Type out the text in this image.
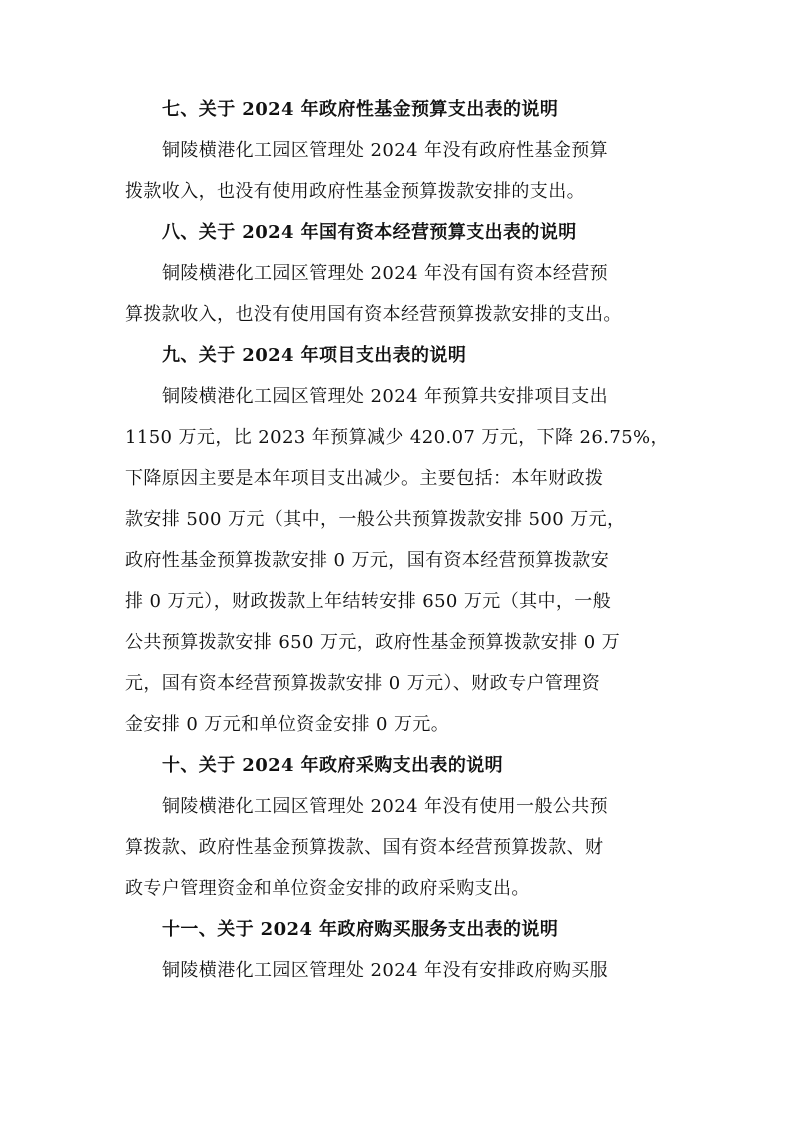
七、关于 2024 年政府性基金预算支出表的说明
铜陵横港化工园区管理处 2024 年没有政府性基金预算
拨款收入，也没有使用政府性基金预算拨款安排的支出。
八、关于 2024 年国有资本经营预算支出表的说明
铜陵横港化工园区管理处 2024 年没有国有资本经营预
算拨款收入，也没有使用国有资本经营预算拨款安排的支出。
九、关于 2024 年项目支出表的说明
铜陵横港化工园区管理处 2024 年预算共安排项目支出
1150 万元，比 2023 年预算减少 420.07 万元，下降 26.75%，
下降原因主要是本年项目支出减少。主要包括：本年财政拨
款安排 500 万元（其中，一般公共预算拨款安排 500 万元，
政府性基金预算拨款安排 0 万元，国有资本经营预算拨款安
排 0 万元），财政拨款上年结转安排 650 万元（其中，一般
公共预算拨款安排 650 万元，政府性基金预算拨款安排 0 万
元，国有资本经营预算拨款安排 0 万元）、财政专户管理资
金安排 0 万元和单位资金安排 0 万元。
十、关于 2024 年政府采购支出表的说明
铜陵横港化工园区管理处 2024 年没有使用一般公共预
算拨款、政府性基金预算拨款、国有资本经营预算拨款、财
政专户管理资金和单位资金安排的政府采购支出。
十一、关于 2024 年政府购买服务支出表的说明
铜陵横港化工园区管理处 2024 年没有安排政府购买服
